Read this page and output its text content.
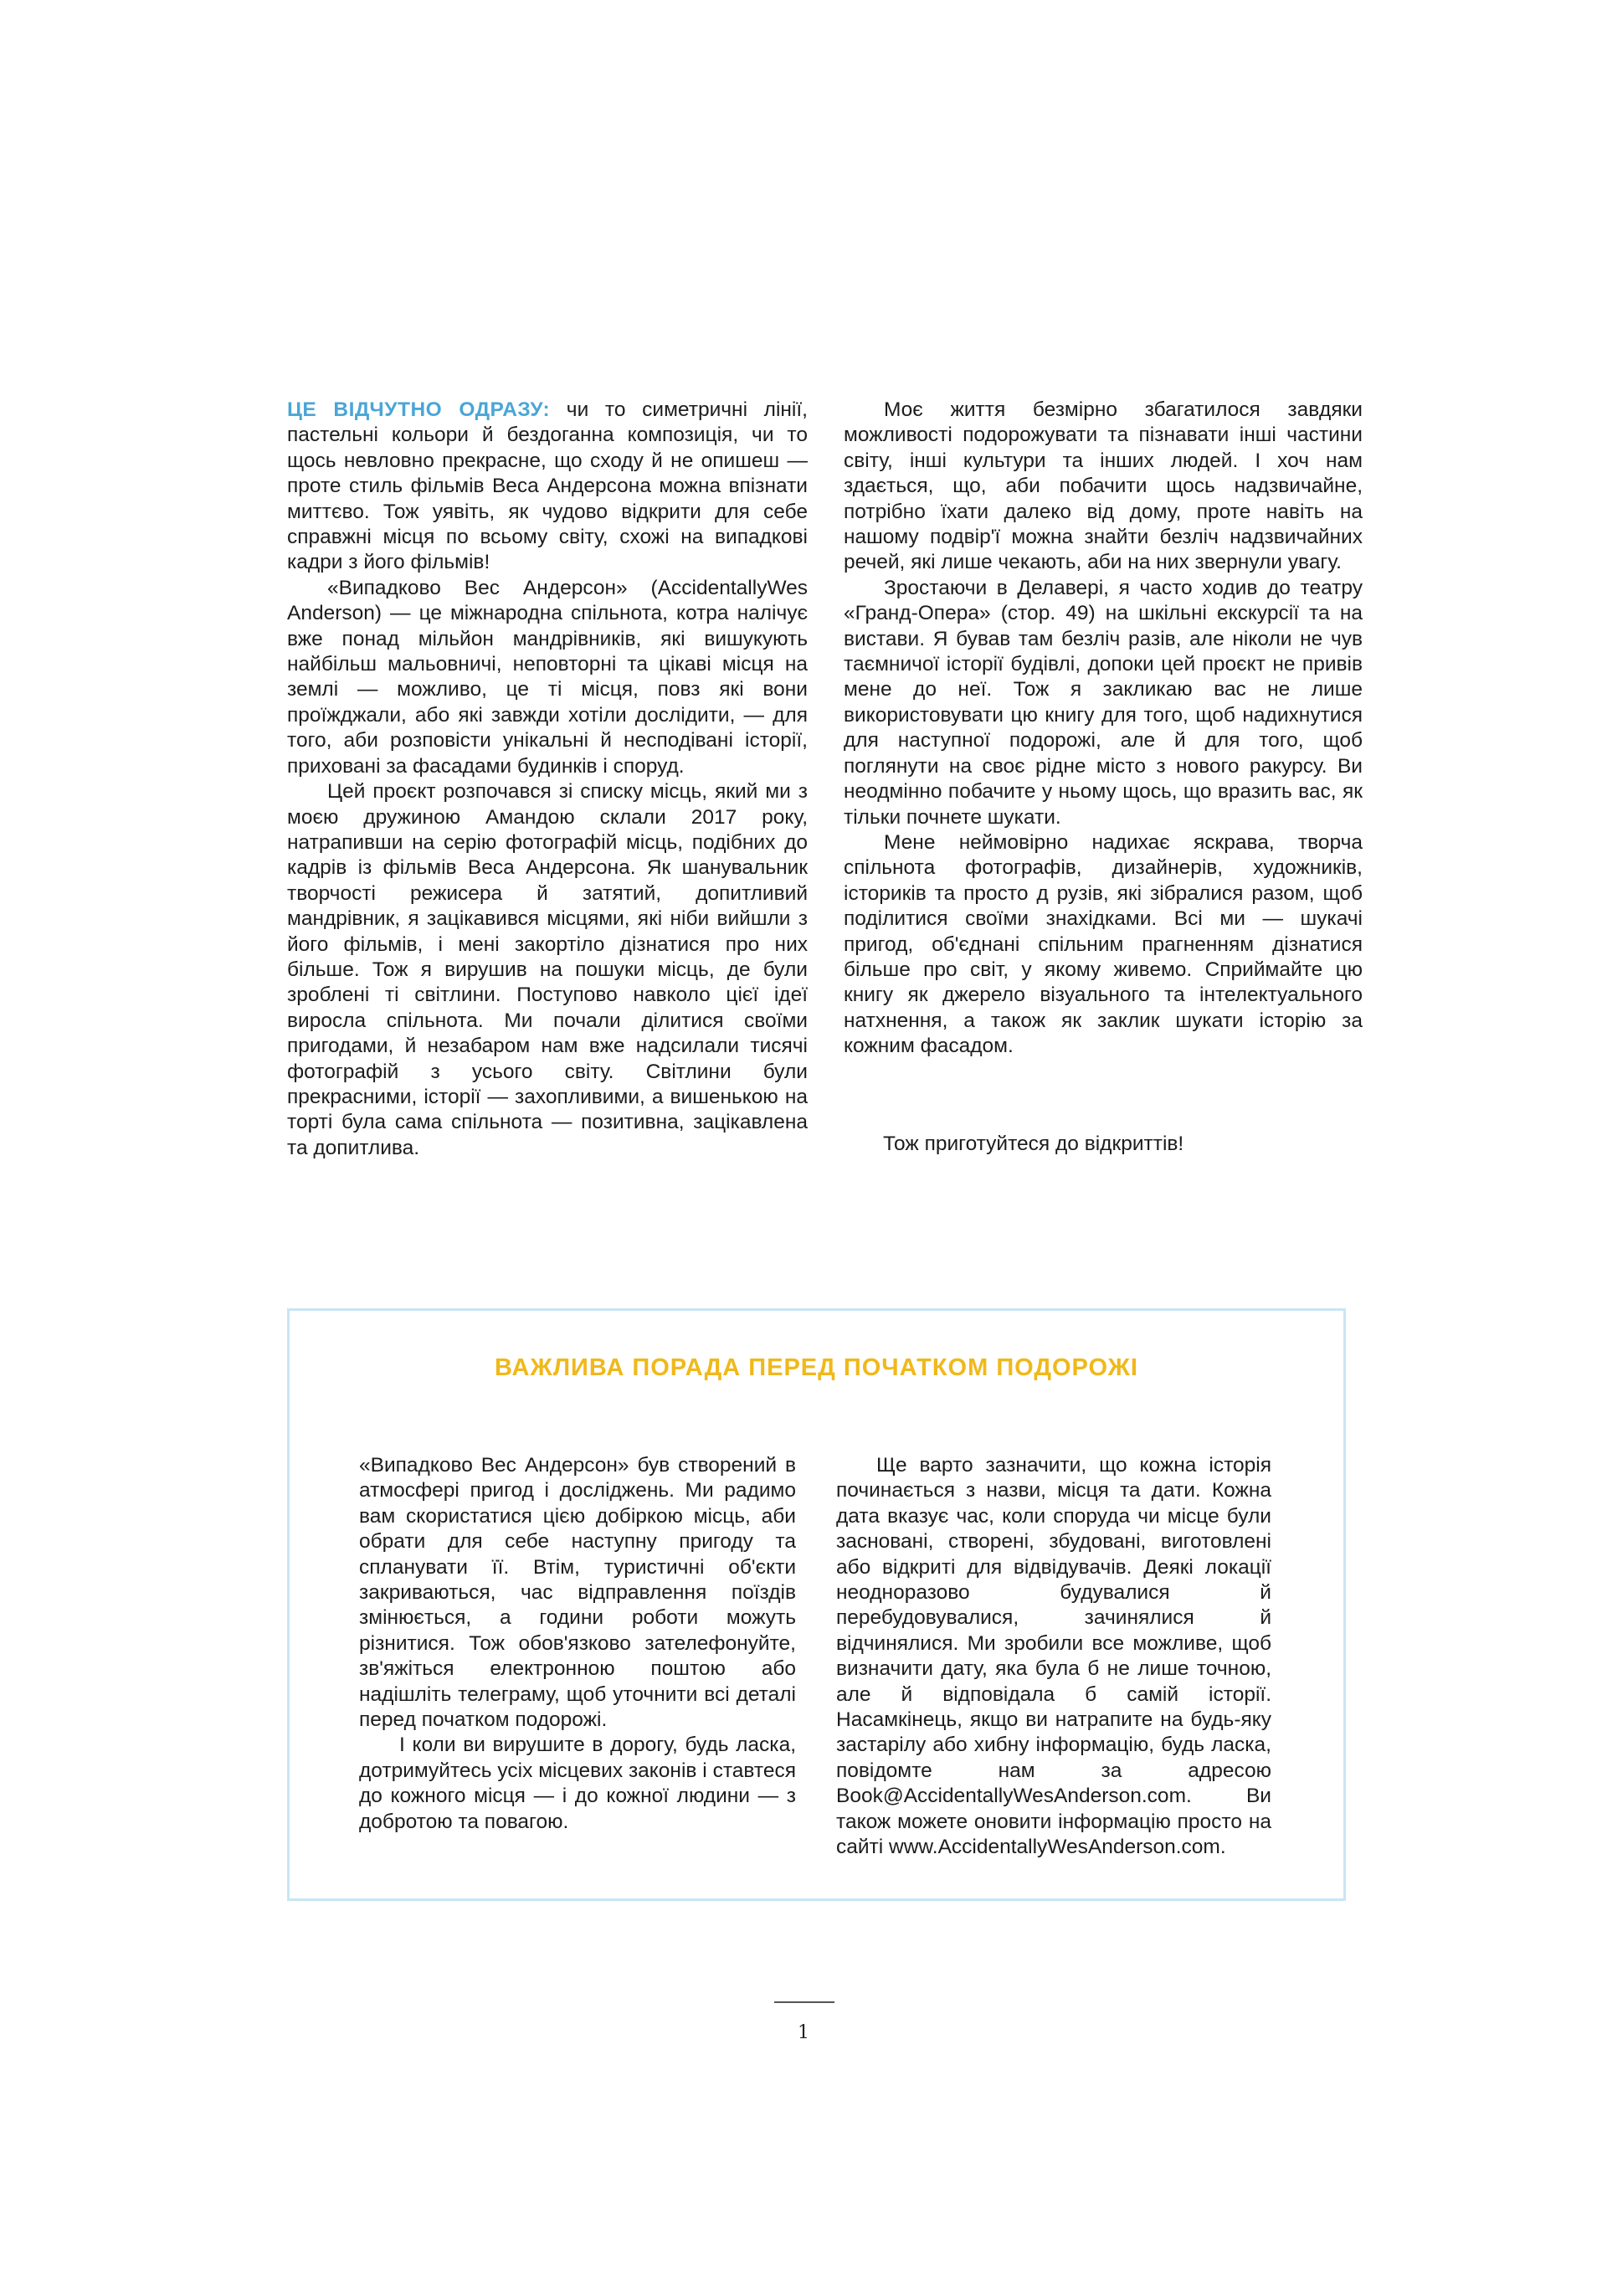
ЦЕ ВІДЧУТНО ОДРАЗУ: чи то симетричні лінії, пастельні кольори й бездоганна композиція, чи то щось невловно прекрасне, що сходу й не опишеш — проте стиль фільмів Веса Андерсона можна впізнати миттєво. Тож уявіть, як чудово відкрити для себе справжні місця по всьому світу, схожі на випадкові кадри з його фільмів!

«Випадково Вес Андерсон» (AccidentallyWes Anderson) — це міжнародна спільнота, котра налічує вже понад мільйон мандрівників, які вишукують найбільш мальовничі, неповторні та цікаві місця на землі — можливо, це ті місця, повз які вони проїжджали, або які завжди хотіли дослідити, — для того, аби розповісти унікальні й несподівані історії, приховані за фасадами будинків і споруд.

Цей проєкт розпочався зі списку місць, який ми з моєю дружиною Амандою склали 2017 року, натрапивши на серію фотографій місць, подібних до кадрів із фільмів Веса Андерсона. Як шанувальник творчості режисера й затятий, допитливий мандрівник, я зацікавився місцями, які ніби вийшли з його фільмів, і мені закортіло дізнатися про них більше. Тож я вирушив на пошуки місць, де були зроблені ті світлини. Поступово навколо цієї ідеї виросла спільнота. Ми почали ділитися своїми пригодами, й незабаром нам вже надсилали тисячі фотографій з усього світу. Світлини були прекрасними, історії — захопливими, а вишенькою на торті була сама спільнота — позитивна, зацікавлена та допитлива.

Моє життя безмірно збагатилося завдяки можливості подорожувати та пізнавати інші частини світу, інші культури та інших людей. І хоч нам здається, що, аби побачити щось надзвичайне, потрібно їхати далеко від дому, проте навіть на нашому подвір'ї можна знайти безліч надзвичайних речей, які лише чекають, аби на них звернули увагу.

Зростаючи в Делавері, я часто ходив до театру «Гранд-Опера» (стор. 49) на шкільні екскурсії та на вистави. Я бував там безліч разів, але ніколи не чув таємничої історії будівлі, допоки цей проєкт не привів мене до неї. Тож я закликаю вас не лише використовувати цю книгу для того, щоб надихнутися для наступної подорожі, але й для того, щоб поглянути на своє рідне місто з нового ракурсу. Ви неодмінно побачите у ньому щось, що вразить вас, як тільки почнете шукати.

Мене неймовірно надихає яскрава, творча спільнота фотографів, дизайнерів, художників, істориків та просто д рузів, які зібралися разом, щоб поділитися своїми знахідками. Всі ми — шукачі пригод, об'єднані спільним прагненням дізнатися більше про світ, у якому живемо. Сприймайте цю книгу як джерело візуального та інтелектуального натхнення, а також як заклик шукати історію за кожним фасадом.

Тож приготуйтеся до відкриттів!
ВАЖЛИВА ПОРАДА ПЕРЕД ПОЧАТКОМ ПОДОРОЖІ

«Випадково Вес Андерсон» був створений в атмосфері пригод і досліджень. Ми радимо вам скористатися цією добіркою місць, аби обрати для себе наступну пригоду та спланувати її. Втім, туристичні об'єкти закриваються, час відправлення поїздів змінюється, а години роботи можуть різнитися. Тож обов'язково зателефонуйте, зв'яжіться електронною поштою або надішліть телеграму, щоб уточнити всі деталі перед початком подорожі.

І коли ви вирушите в дорогу, будь ласка, дотримуйтесь усіх місцевих законів і ставтеся до кожного місця — і до кожної людини — з добротою та повагою.

Ще варто зазначити, що кожна історія починається з назви, місця та дати. Кожна дата вказує час, коли споруда чи місце були засновані, створені, збудовані, виготовлені або відкриті для відвідувачів. Деякі локації неодноразово будувалися й перебудовувалися, зачинялися й відчинялися. Ми зробили все можливе, щоб визначити дату, яка була б не лише точною, але й відповідала б самій історії. Насамкінець, якщо ви натрапите на будь-яку застарілу або хибну інформацію, будь ласка, повідомте нам за адресою Book@AccidentallyWesAnderson.com. Ви також можете оновити інформацію просто на сайті www.AccidentallyWesAnderson.com.

1
